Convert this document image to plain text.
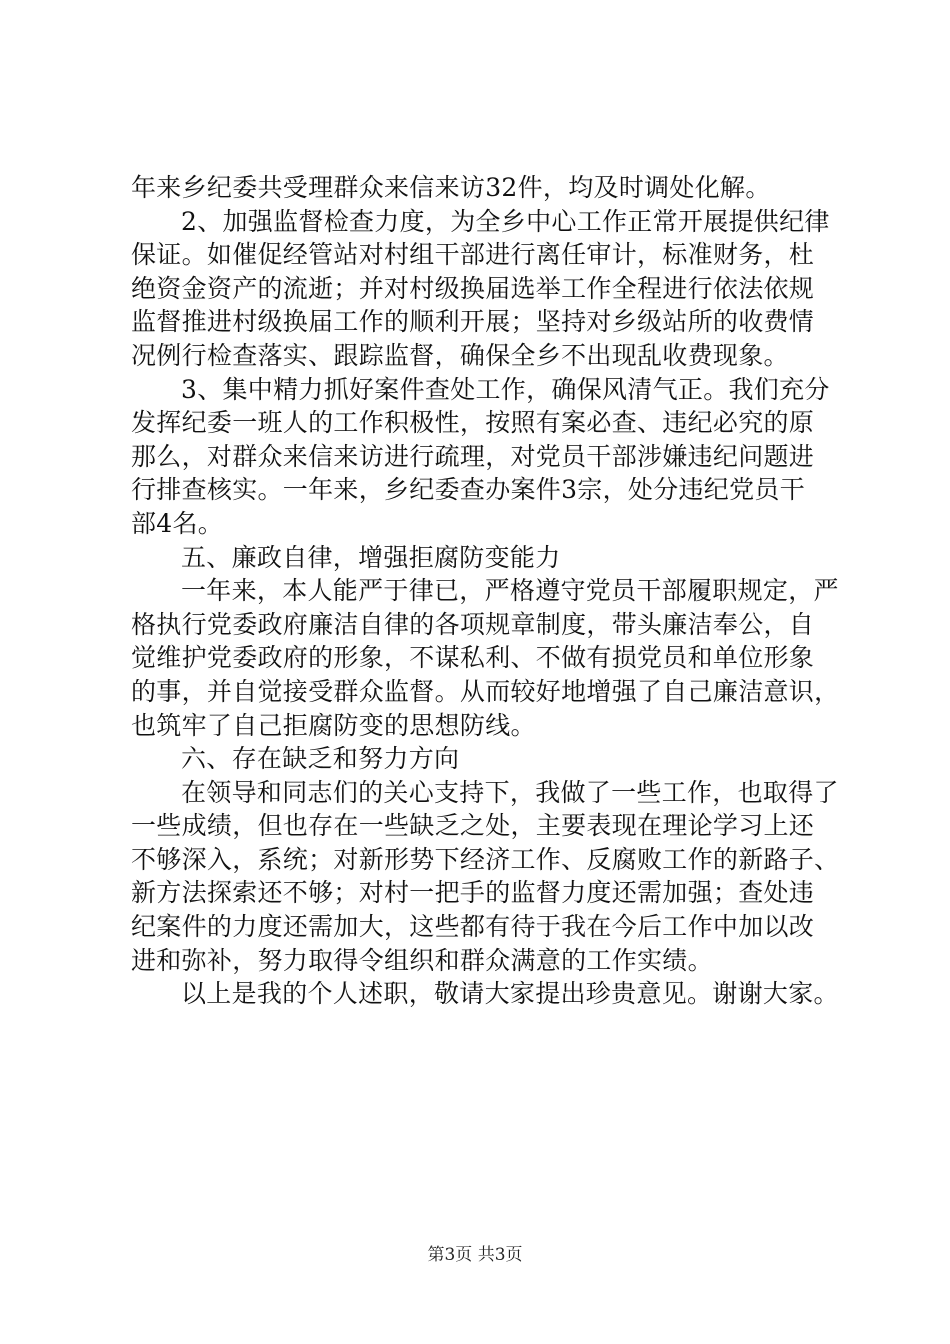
年来乡纪委共受理群众来信来访32件，均及时调处化解。
2、加强监督检查力度，为全乡中心工作正常开展提供纪律
保证。如催促经管站对村组干部进行离任审计，标准财务，杜
绝资金资产的流逝；并对村级换届选举工作全程进行依法依规
监督推进村级换届工作的顺利开展；坚持对乡级站所的收费情
况例行检查落实、跟踪监督，确保全乡不出现乱收费现象。
3、集中精力抓好案件查处工作，确保风清气正。我们充分
发挥纪委一班人的工作积极性，按照有案必查、违纪必究的原
那么，对群众来信来访进行疏理，对党员干部涉嫌违纪问题进
行排查核实。一年来，乡纪委查办案件3宗，处分违纪党员干
部4名。
五、廉政自律，增强拒腐防变能力
一年来，本人能严于律已，严格遵守党员干部履职规定，严
格执行党委政府廉洁自律的各项规章制度，带头廉洁奉公，自
觉维护党委政府的形象，不谋私利、不做有损党员和单位形象
的事，并自觉接受群众监督。从而较好地增强了自己廉洁意识，
也筑牢了自己拒腐防变的思想防线。
六、存在缺乏和努力方向
在领导和同志们的关心支持下，我做了一些工作，也取得了
一些成绩，但也存在一些缺乏之处，主要表现在理论学习上还
不够深入，系统；对新形势下经济工作、反腐败工作的新路子、
新方法探索还不够；对村一把手的监督力度还需加强；查处违
纪案件的力度还需加大，这些都有待于我在今后工作中加以改
进和弥补，努力取得令组织和群众满意的工作实绩。
以上是我的个人述职，敬请大家提出珍贵意见。谢谢大家。
第3页 共3页
